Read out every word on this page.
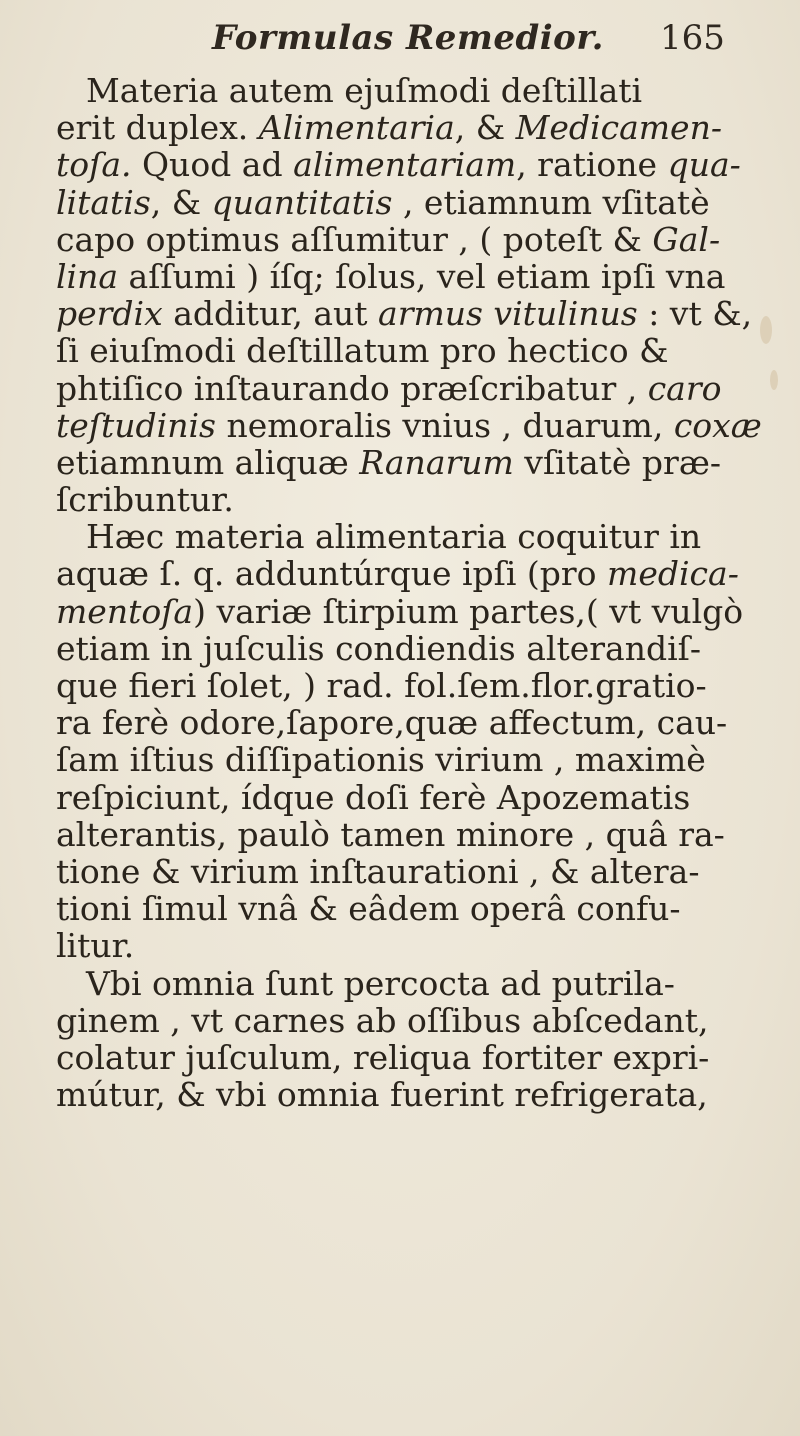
Formulas Remedior. 165
Materia autem ejuſmodi deſtillati
erit duplex. Alimentaria, & Medicamen-
toſa. Quod ad alimentariam, ratione qua-
litatis, & quantitatis , etiamnum vſitatè
capo optimus aſſumitur , ( poteſt & Gal-
lina aſſumi ) íſq; ſolus, vel etiam ipſi vna
perdix additur, aut armus vitulinus : vt &,
ſi eiuſmodi deſtillatum pro hectico &
phtiſico inſtaurando præſcribatur , caro
teſtudinis nemoralis vnius , duarum, coxæ
etiamnum aliquæ Ranarum vſitatè præ-
ſcribuntur.
Hæc materia alimentaria coquitur in
aquæ ſ. q. adduntúrque ipſi (pro medica-
mentoſa) variæ ſtirpium partes,( vt vulgò
etiam in juſculis condiendis alterandiſ-
que fieri ſolet, ) rad. fol.ſem.flor.gratio-
ra ferè odore,ſapore,quæ affectum, cau-
ſam iſtius diſſipationis virium , maximè
reſpiciunt, ídque doſi ferè Apozematis
alterantis, paulò tamen minore , quâ ra-
tione & virium inſtaurationi , & altera-
tioni ſimul vnâ & eâdem operâ confu-
litur.
Vbi omnia ſunt percocta ad putrila-
ginem , vt carnes ab oſſibus abſcedant,
colatur juſculum, reliqua fortiter expri-
mútur, & vbi omnia fuerint refrigerata,
